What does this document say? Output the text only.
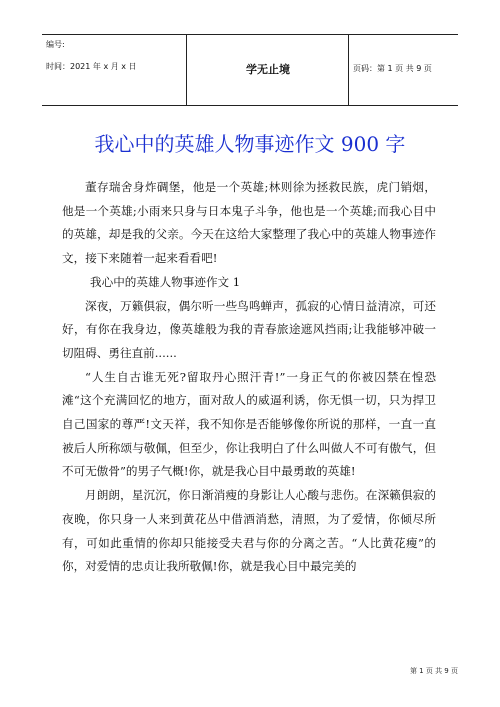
编号:
时间：2021 年 x 月 x 日	学无止境	页码：第 1 页 共 9 页
我心中的英雄人物事迹作文 900 字

董存瑞舍身炸碉堡，他是一个英雄;林则徐为拯救民族，虎门销烟，他是一个英雄;小雨来只身与日本鬼子斗争，他也是一个英雄;而我心目中的英雄，却是我的父亲。今天在这给大家整理了我心中的英雄人物事迹作文，接下来随着一起来看看吧!

我心中的英雄人物事迹作文 1

深夜，万籁俱寂，偶尔听一些鸟鸣蝉声，孤寂的心情日益清凉，可还好，有你在我身边，像英雄般为我的青春旅途遮风挡雨;让我能够冲破一切阻碍、勇往直前......

“人生自古谁无死?留取丹心照汗青!”一身正气的你被囚禁在惶恐滩“这个充满回忆的地方，面对敌人的威逼利诱，你无惧一切，只为捍卫自己国家的尊严!文天祥，我不知你是否能够像你所说的那样，一直一直被后人所称颂与敬佩，但至少，你让我明白了什么叫做人不可有傲气，但不可无傲骨”的男子气概!你，就是我心目中最勇敢的英雄!

月朗朗，星沉沉，你日渐消瘦的身影让人心酸与悲伤。在深籁俱寂的夜晚，你只身一人来到黄花丛中借酒消愁，清照，为了爱情，你倾尽所有，可如此重情的你却只能接受夫君与你的分离之苦。“人比黄花瘦”的你，对爱情的忠贞让我所敬佩!你，就是我心目中最完美的

第 1 页 共 9 页
